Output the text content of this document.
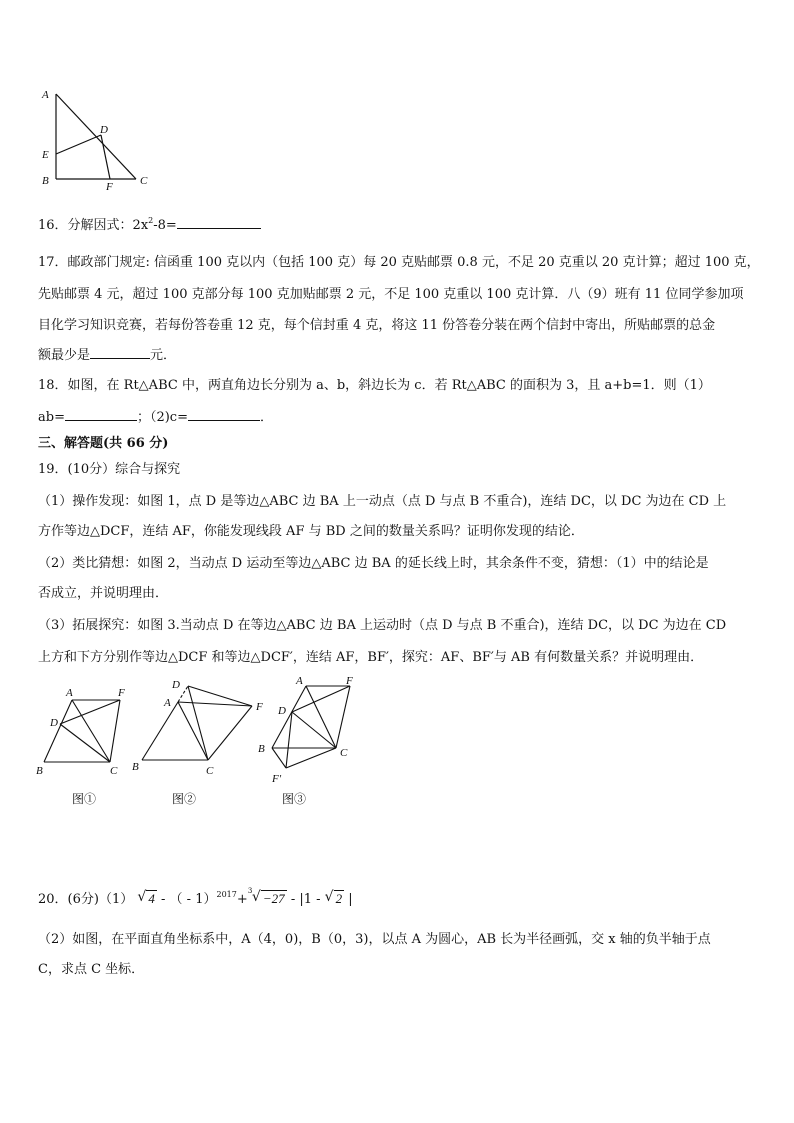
A
D
E
B	F C
16．分解因式：$2x^2-8=$
17．邮政部门规定: 信函重 100 克以内（包括 100 克）每 20 克贴邮票 0.8 元，不足 20 克重以 20 克计算；超过 100 克，
先贴邮票 4 元，超过 100 克部分每 100 克加贴邮票 2 元，不足 100 克重以 100 克计算．八（9）班有 11 位同学参加项
目化学习知识竞赛，若每份答卷重 12 克，每个信封重 4 克，将这 11 份答卷分装在两个信封中寄出，所贴邮票的总金
额最少是	元．
18．如图，在 Rt△ABC 中，两直角边长分别为 a、b，斜边长为 c．若 Rt△ABC 的面积为 3，且 a+b=1．则（1）
ab=	；（2)c=	．
三、解答题(共 66 分)
19．(10分）综合与探究
（1）操作发现：如图 1，点 D 是等边△ABC 边 BA 上一动点（点 D 与点 B 不重合)，连结 DC，以 DC 为边在 CD 上
方作等边△DCF，连结 AF，你能发现线段 AF 与 BD 之间的数量关系吗？证明你发现的结论．
（2）类比猜想：如图 2，当动点 D 运动至等边△ABC 边 BA 的延长线上时，其余条件不变，猜想：（1）中的结论是
否成立，并说明理由．
（3）拓展探究：如图 3.当动点 D 在等边△ABC 边 BA 上运动时（点 D 与点 B 不重合)，连结 DC，以 DC 为边在 CD
上方和下方分别作等边△DCF 和等边△DCF′，连结 AF，BF′，探究：AF、BF′与 AB 有何数量关系？并说明理由．
A	F
D
B	C
图①
D
A	F
B	C
图②
A	F
D
B	C
F′
图③
20．(6分)（1） √ 4 - （ - 1）$^{2017}$+
3 √ −27 - |1 - √ 2 |
（2）如图，在平面直角坐标系中，A（4，0)，B（0，3)，以点 A 为圆心，AB 长为半径画弧，交 x 轴的负半轴于点
C，求点 C 坐标．
